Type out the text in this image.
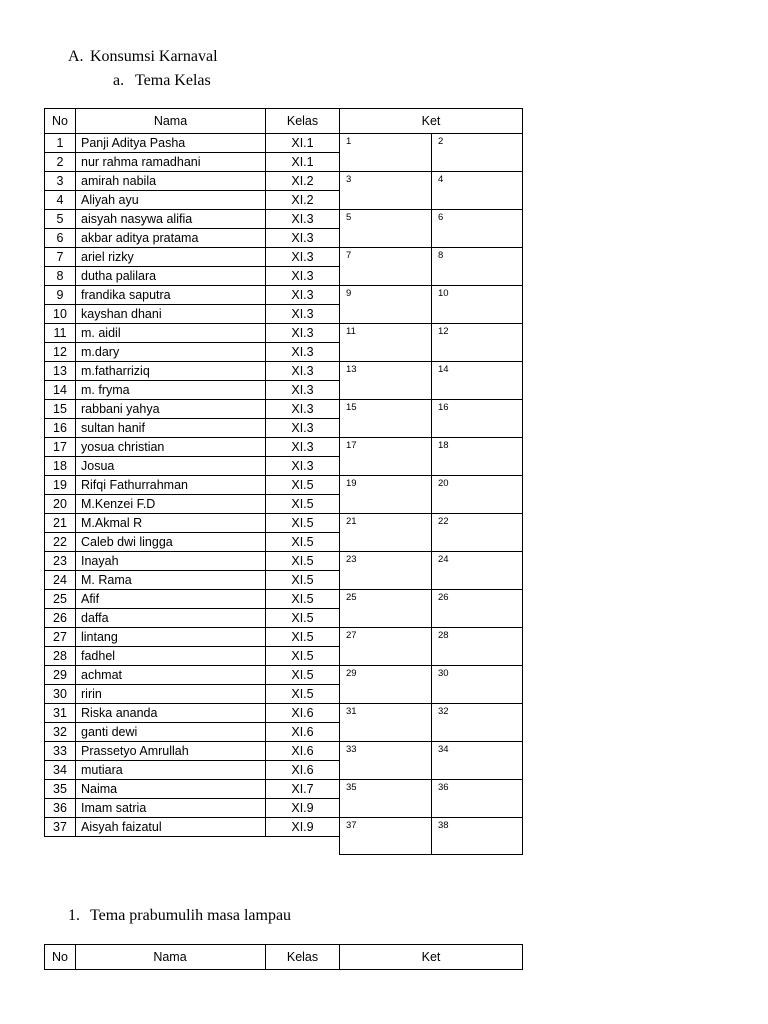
A. Konsumsi Karnaval
a. Tema Kelas
No	Nama	Kelas	Ket	
1	Panji Aditya Pasha	XI.1	1	2
2	nur rahma ramadhani	XI.1		
3	amirah nabila	XI.2	3	4
4	Aliyah ayu	XI.2		
5	aisyah nasywa alifia	XI.3	5	6
6	akbar aditya pratama	XI.3		
7	ariel rizky	XI.3	7	8
8	dutha palilara	XI.3		
9	frandika saputra	XI.3	9	10
10	kayshan dhani	XI.3		
11	m. aidil	XI.3	11	12
12	m.dary	XI.3		
13	m.fatharriziq	XI.3	13	14
14	m. fryma	XI.3		
15	rabbani yahya	XI.3	15	16
16	sultan hanif	XI.3		
17	yosua christian	XI.3	17	18
18	Josua	XI.3		
19	Rifqi Fathurrahman	XI.5	19	20
20	M.Kenzei F.D	XI.5		
21	M.Akmal R	XI.5	21	22
22	Caleb dwi lingga	XI.5		
23	Inayah	XI.5	23	24
24	M. Rama	XI.5		
25	Afif	XI.5	25	26
26	daffa	XI.5		
27	lintang	XI.5	27	28
28	fadhel	XI.5		
29	achmat	XI.5	29	30
30	ririn	XI.5		
31	Riska ananda	XI.6	31	32
32	ganti dewi	XI.6		
33	Prassetyo Amrullah	XI.6	33	34
34	mutiara	XI.6		
35	Naima	XI.7	35	36
36	Imam satria	XI.9		
37	Aisyah faizatul	XI.9	37	38

1. Tema prabumulih masa lampau
No	Nama	Kelas	Ket
